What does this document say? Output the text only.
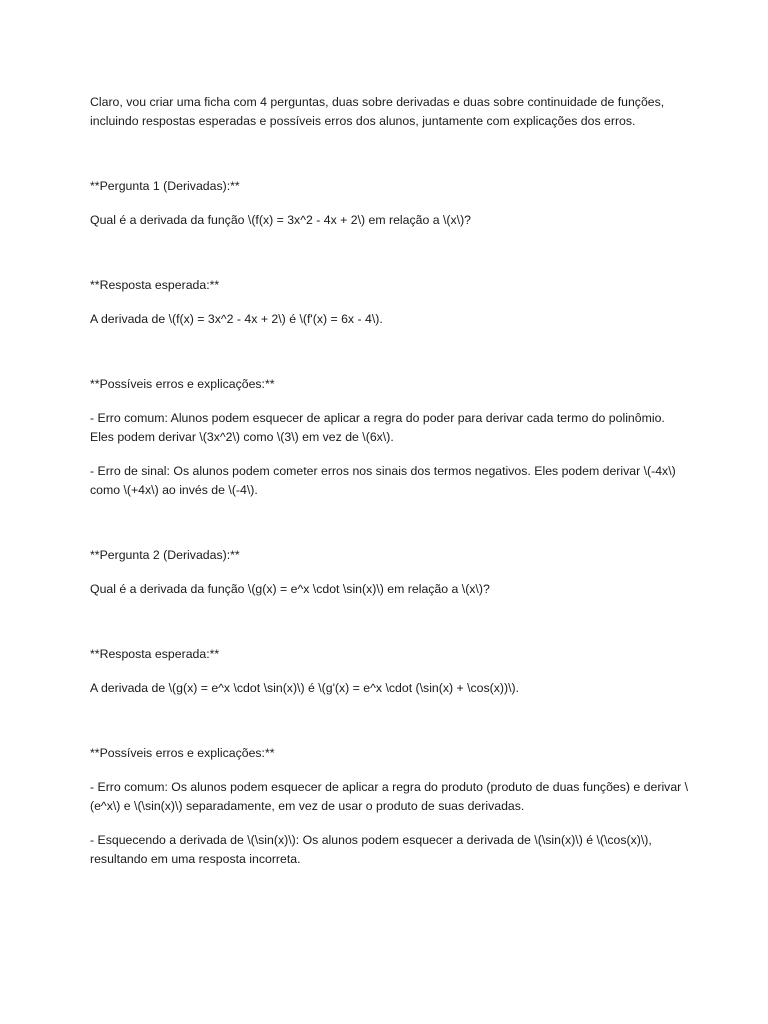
Claro, vou criar uma ficha com 4 perguntas, duas sobre derivadas e duas sobre continuidade de funções, incluindo respostas esperadas e possíveis erros dos alunos, juntamente com explicações dos erros.

**Pergunta 1 (Derivadas):**

Qual é a derivada da função \(f(x) = 3x^2 - 4x + 2\) em relação a \(x\)?

**Resposta esperada:**

A derivada de \(f(x) = 3x^2 - 4x + 2\) é \(f'(x) = 6x - 4\).

**Possíveis erros e explicações:**

- Erro comum: Alunos podem esquecer de aplicar a regra do poder para derivar cada termo do polinômio. Eles podem derivar \(3x^2\) como \(3\) em vez de \(6x\).

- Erro de sinal: Os alunos podem cometer erros nos sinais dos termos negativos. Eles podem derivar \(-4x\) como \(+4x\) ao invés de \(-4\).

**Pergunta 2 (Derivadas):**

Qual é a derivada da função \(g(x) = e^x \cdot \sin(x)\) em relação a \(x\)?

**Resposta esperada:**

A derivada de \(g(x) = e^x \cdot \sin(x)\) é \(g'(x) = e^x \cdot (\sin(x) + \cos(x))\).

**Possíveis erros e explicações:**

- Erro comum: Os alunos podem esquecer de aplicar a regra do produto (produto de duas funções) e derivar \(e^x\) e \(\sin(x)\) separadamente, em vez de usar o produto de suas derivadas.

- Esquecendo a derivada de \(\sin(x)\): Os alunos podem esquecer a derivada de \(\sin(x)\) é \(\cos(x)\), resultando em uma resposta incorreta.
